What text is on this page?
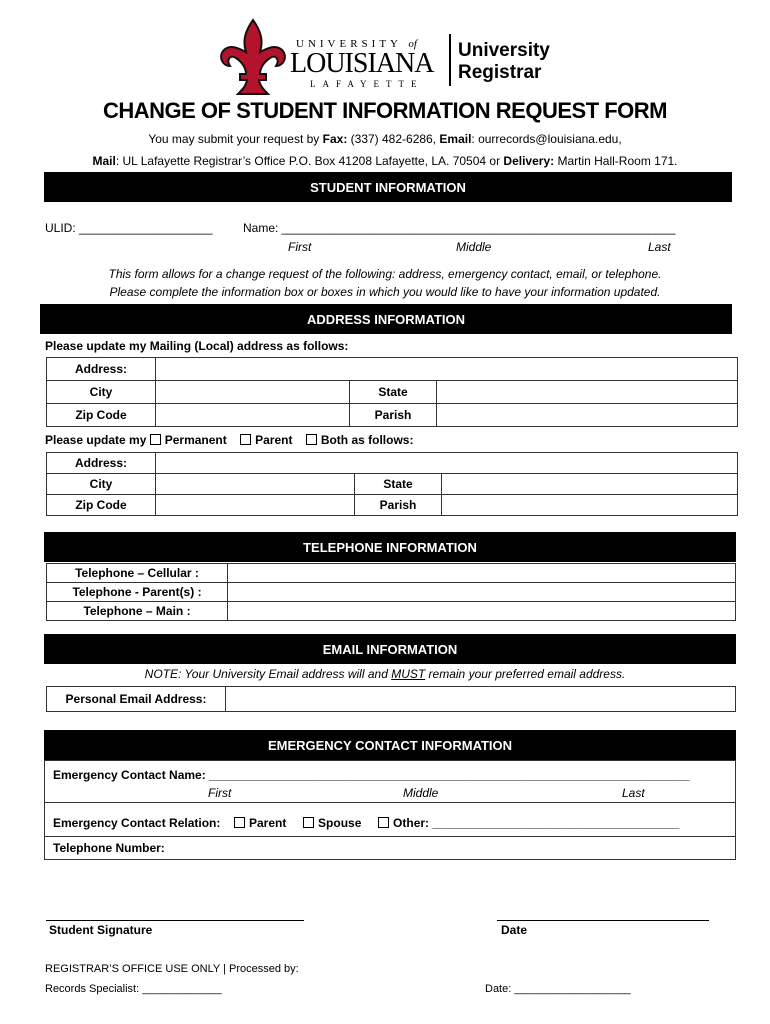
UNIVERSITY of
LOUISIANA
LAFAYETTE
University
Registrar
CHANGE OF STUDENT INFORMATION REQUEST FORM
You may submit your request by Fax: (337) 482-6286, Email: ourrecords@louisiana.edu,
Mail: UL Lafayette Registrar’s Office P.O. Box 41208 Lafayette, LA. 70504 or Delivery: Martin Hall-Room 171.
STUDENT INFORMATION
ULID: ____________________	Name: ___________________________________________________________
First	Middle	Last
This form allows for a change request of the following: address, emergency contact, email, or telephone.
Please complete the information box or boxes in which you would like to have your information updated.
ADDRESS INFORMATION
Please update my Mailing (Local) address as follows:
Address:			
City		State	
Zip Code		Parish	
Please update my Permanent Parent Both as follows:
Address:			
City		State	
Zip Code		Parish	
TELEPHONE INFORMATION
Telephone – Cellular :	
Telephone - Parent(s) :	
Telephone – Main :	
EMAIL INFORMATION
NOTE: Your University Email address will and MUST remain your preferred email address.
Personal Email Address:	
EMERGENCY CONTACT INFORMATION
Emergency Contact Name: ________________________________________________________________________
First	Middle	Last
Emergency Contact Relation:	Parent	Spouse	Other: _____________________________________
Telephone Number:
Student Signature	Date
REGISTRAR’S OFFICE USE ONLY | Processed by:
Records Specialist: _____________	Date: ___________________
